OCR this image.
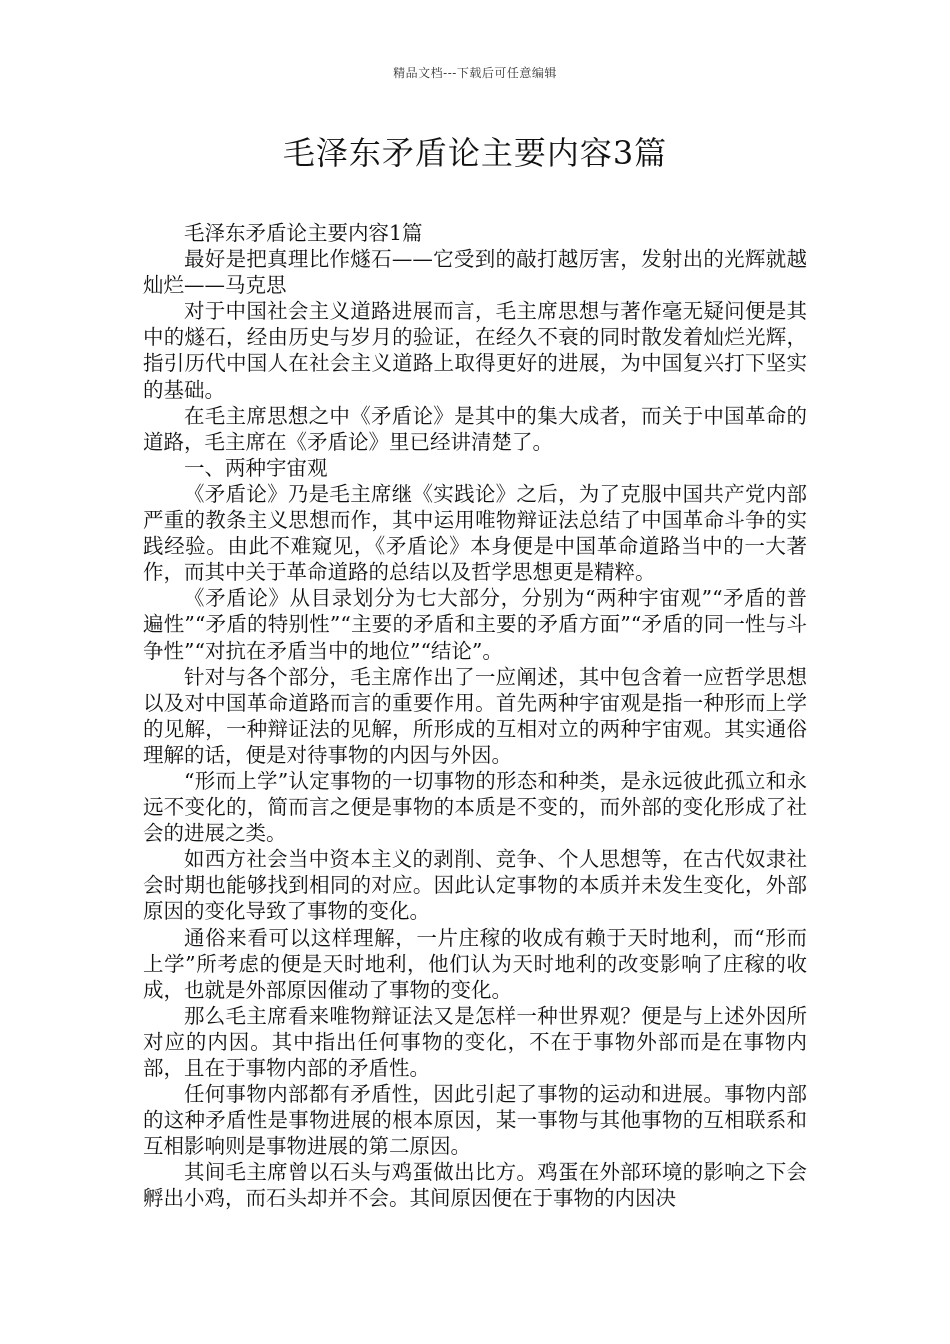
精品文档---下载后可任意编辑
毛泽东矛盾论主要内容3篇

毛泽东矛盾论主要内容1篇

最好是把真理比作燧石——它受到的敲打越厉害，发射出的光辉就越灿烂——马克思

对于中国社会主义道路进展而言，毛主席思想与著作毫无疑问便是其中的燧石，经由历史与岁月的验证，在经久不衰的同时散发着灿烂光辉，指引历代中国人在社会主义道路上取得更好的进展，为中国复兴打下坚实的基础。

在毛主席思想之中《矛盾论》是其中的集大成者，而关于中国革命的道路，毛主席在《矛盾论》里已经讲清楚了。

一、两种宇宙观

《矛盾论》乃是毛主席继《实践论》之后，为了克服中国共产党内部严重的教条主义思想而作，其中运用唯物辩证法总结了中国革命斗争的实践经验。由此不难窥见，《矛盾论》本身便是中国革命道路当中的一大著作，而其中关于革命道路的总结以及哲学思想更是精粹。

《矛盾论》从目录划分为七大部分，分别为“两种宇宙观”“矛盾的普遍性”“矛盾的特别性”“主要的矛盾和主要的矛盾方面”“矛盾的同一性与斗争性”“对抗在矛盾当中的地位”“结论”。

针对与各个部分，毛主席作出了一应阐述，其中包含着一应哲学思想以及对中国革命道路而言的重要作用。首先两种宇宙观是指一种形而上学的见解，一种辩证法的见解，所形成的互相对立的两种宇宙观。其实通俗理解的话，便是对待事物的内因与外因。

“形而上学”认定事物的一切事物的形态和种类，是永远彼此孤立和永远不变化的，简而言之便是事物的本质是不变的，而外部的变化形成了社会的进展之类。

如西方社会当中资本主义的剥削、竞争、个人思想等，在古代奴隶社会时期也能够找到相同的对应。因此认定事物的本质并未发生变化，外部原因的变化导致了事物的变化。

通俗来看可以这样理解，一片庄稼的收成有赖于天时地利，而“形而上学”所考虑的便是天时地利，他们认为天时地利的改变影响了庄稼的收成，也就是外部原因催动了事物的变化。

那么毛主席看来唯物辩证法又是怎样一种世界观？便是与上述外因所对应的内因。其中指出任何事物的变化，不在于事物外部而是在事物内部，且在于事物内部的矛盾性。

任何事物内部都有矛盾性，因此引起了事物的运动和进展。事物内部的这种矛盾性是事物进展的根本原因，某一事物与其他事物的互相联系和互相影响则是事物进展的第二原因。

其间毛主席曾以石头与鸡蛋做出比方。鸡蛋在外部环境的影响之下会孵出小鸡，而石头却并不会。其间原因便在于事物的内因决
